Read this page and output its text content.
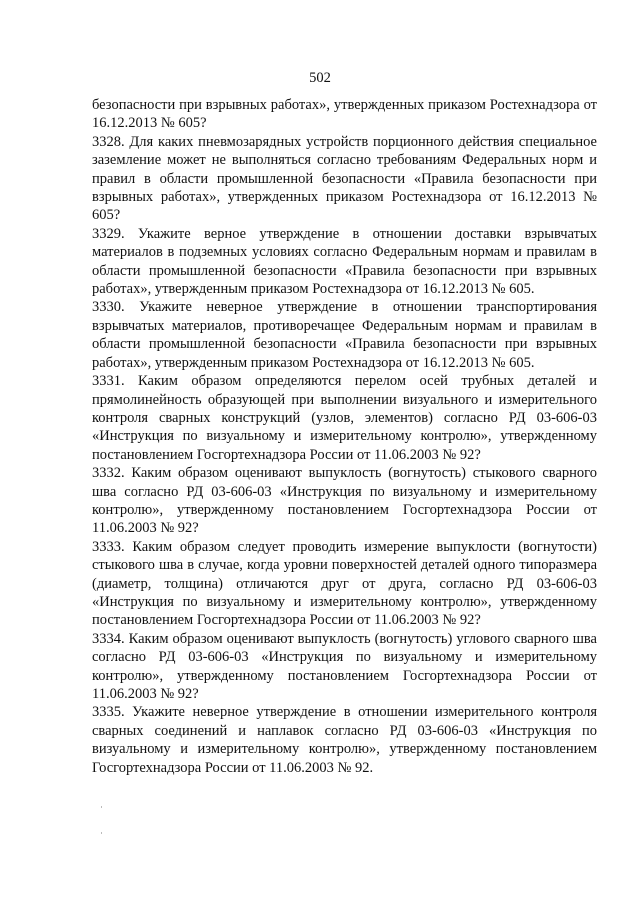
502

безопасности при взрывных работах», утвержденных приказом Ростехнадзора от 16.12.2013 № 605?

3328. Для каких пневмозарядных устройств порционного действия специальное заземление может не выполняться согласно требованиям Федеральных норм и правил в области промышленной безопасности «Правила безопасности при взрывных работах», утвержденных приказом Ростехнадзора от 16.12.2013 № 605?

3329. Укажите верное утверждение в отношении доставки взрывчатых материалов в подземных условиях согласно Федеральным нормам и правилам в области промышленной безопасности «Правила безопасности при взрывных работах», утвержденным приказом Ростехнадзора от 16.12.2013 № 605.

3330. Укажите неверное утверждение в отношении транспортирования взрывчатых материалов, противоречащее Федеральным нормам и правилам в области промышленной безопасности «Правила безопасности при взрывных работах», утвержденным приказом Ростехнадзора от 16.12.2013 № 605.

3331. Каким образом определяются перелом осей трубных деталей и прямолинейность образующей при выполнении визуального и измерительного контроля сварных конструкций (узлов, элементов) согласно РД 03-606-03 «Инструкция по визуальному и измерительному контролю», утвержденному постановлением Госгортехнадзора России от 11.06.2003 № 92?

3332. Каким образом оценивают выпуклость (вогнутость) стыкового сварного шва согласно РД 03-606-03 «Инструкция по визуальному и измерительному контролю», утвержденному постановлением Госгортехнадзора России от 11.06.2003 № 92?

3333. Каким образом следует проводить измерение выпуклости (вогнутости) стыкового шва в случае, когда уровни поверхностей деталей одного типоразмера (диаметр, толщина) отличаются друг от друга, согласно РД 03-606-03 «Инструкция по визуальному и измерительному контролю», утвержденному постановлением Госгортехнадзора России от 11.06.2003 № 92?

3334. Каким образом оценивают выпуклость (вогнутость) углового сварного шва согласно РД 03-606-03 «Инструкция по визуальному и измерительному контролю», утвержденному постановлением Госгортехнадзора России от 11.06.2003 № 92?

3335. Укажите неверное утверждение в отношении измерительного контроля сварных соединений и наплавок согласно РД 03-606-03 «Инструкция по визуальному и измерительному контролю», утвержденному постановлением Госгортехнадзора России от 11.06.2003 № 92.
